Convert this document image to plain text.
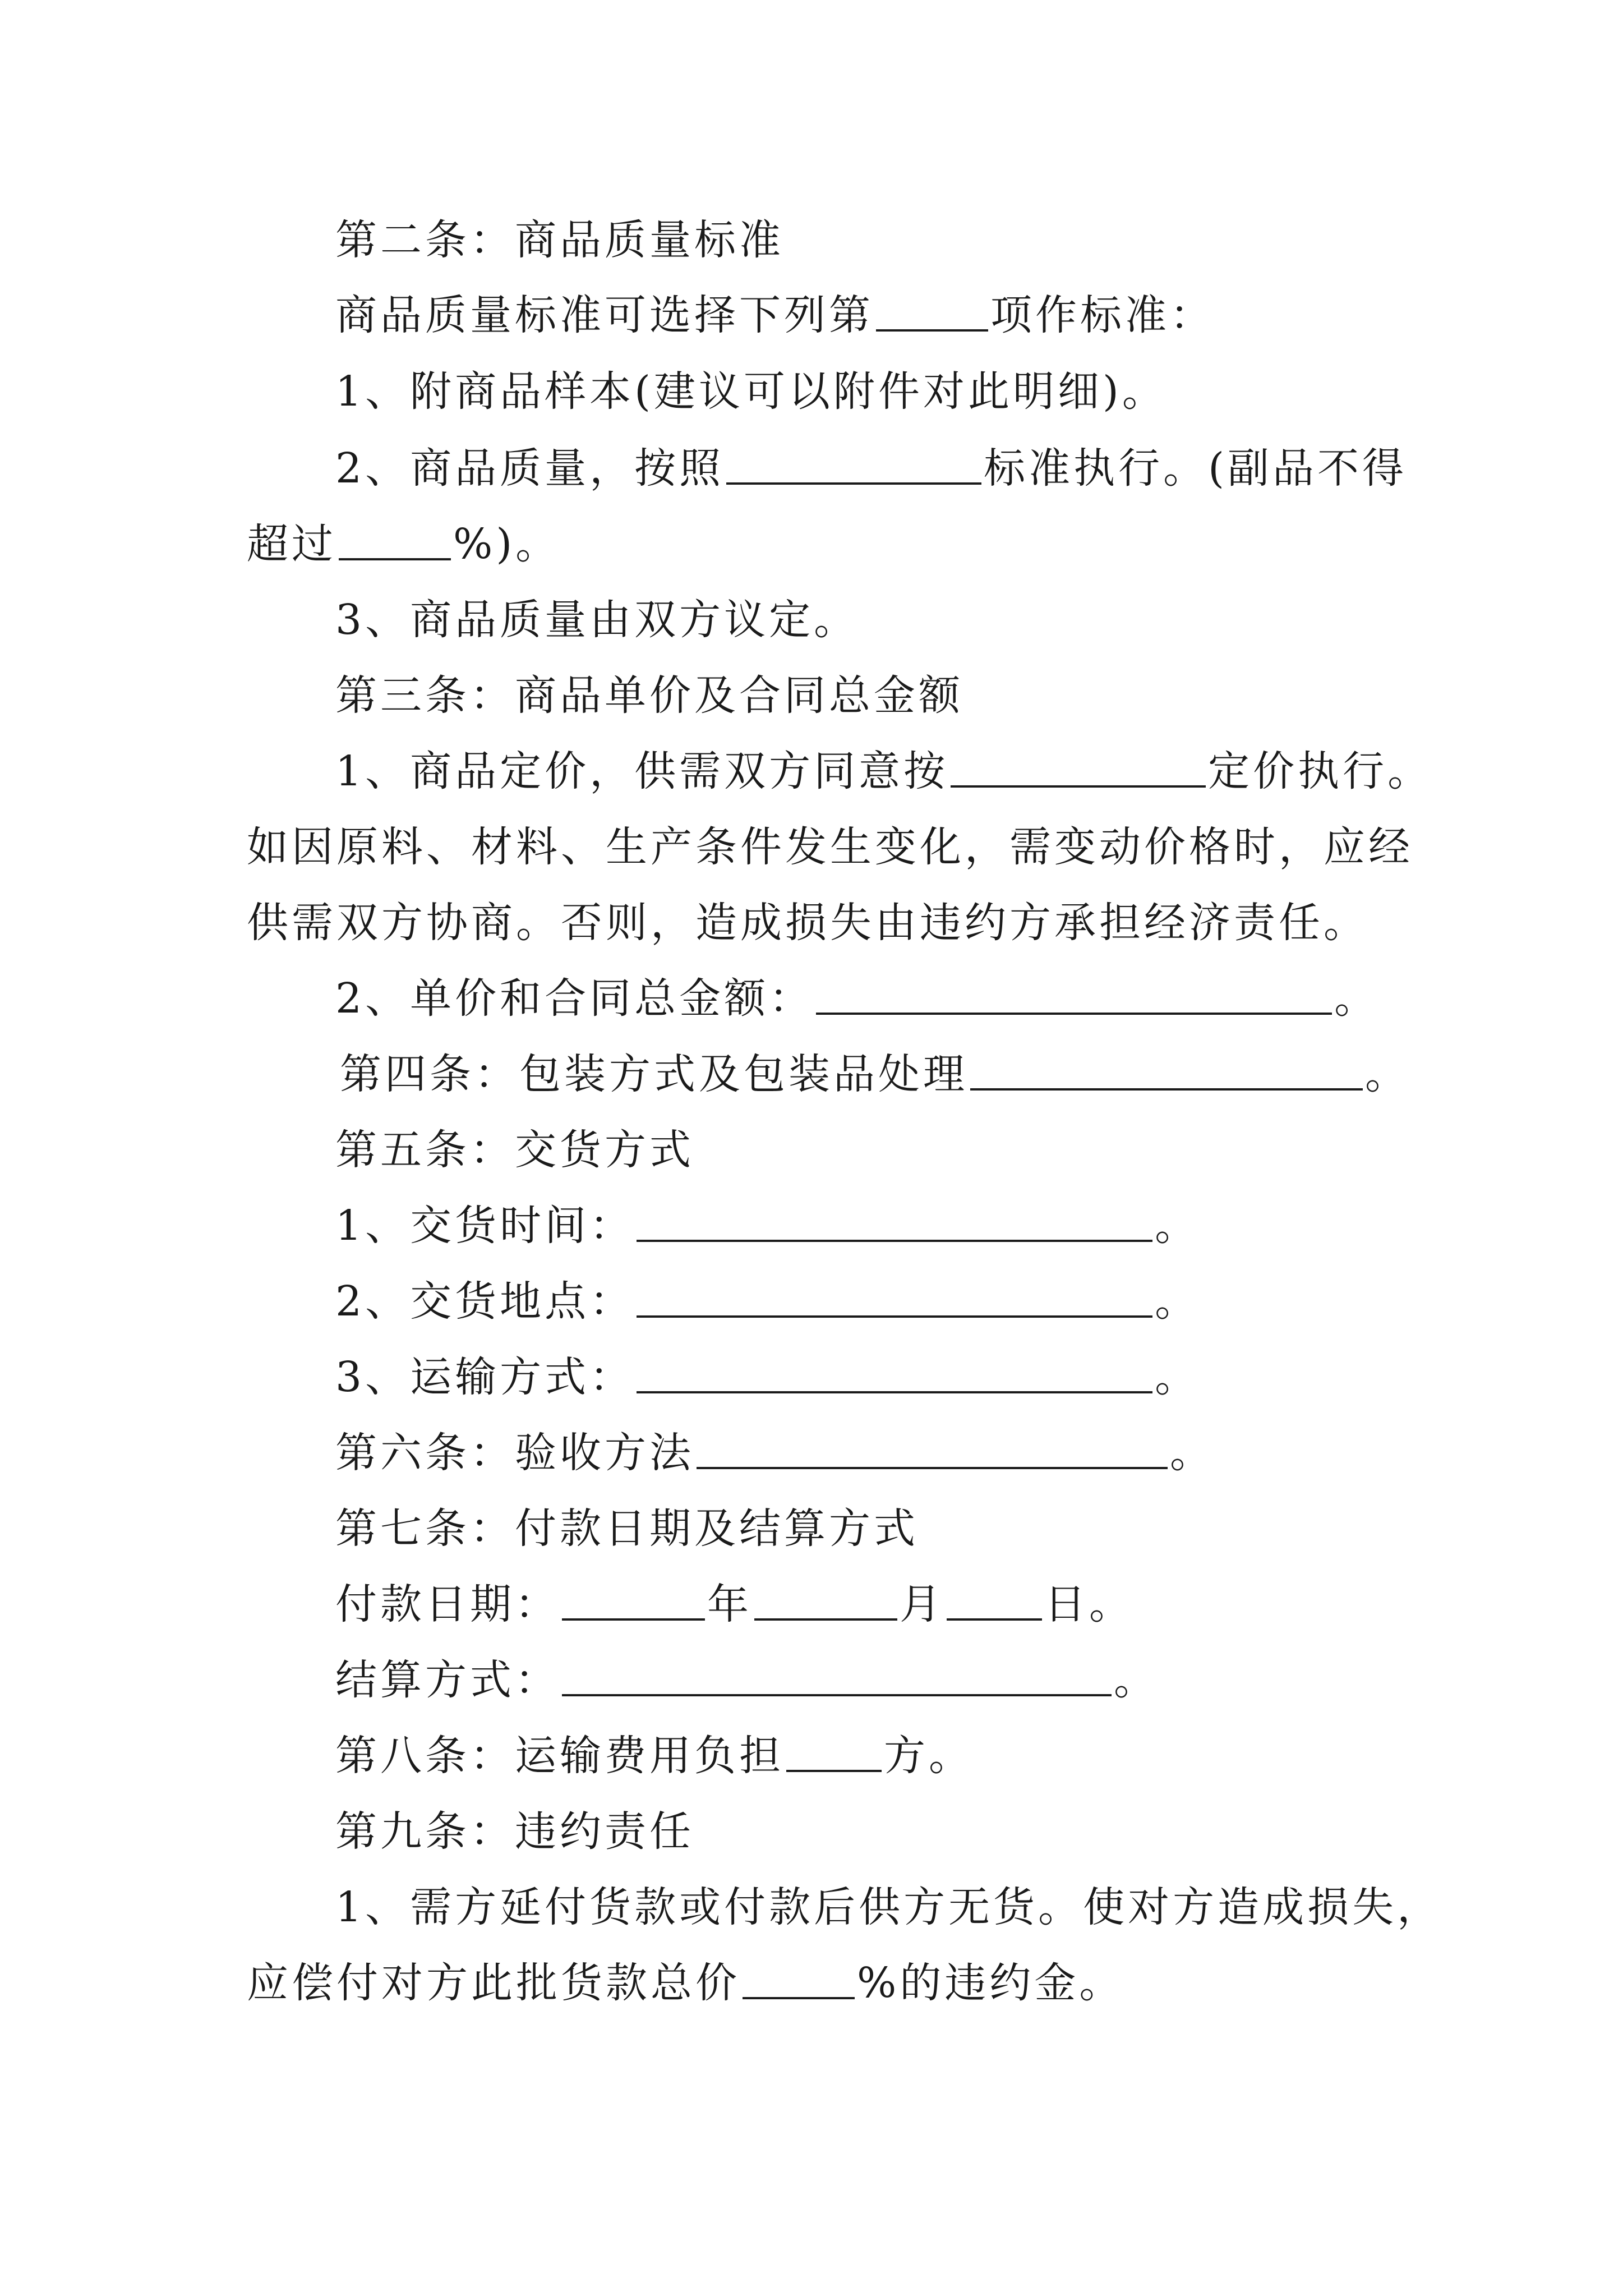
第二条：商品质量标准
商品质量标准可选择下列第	项作标准：
1、附商品样本(建议可以附件对此明细)。
2、商品质量，按照	标准执行。(副品不得
超过	%)。
3、商品质量由双方议定。
第三条：商品单价及合同总金额
1、商品定价，供需双方同意按	定价执行。
如因原料、材料、生产条件发生变化，需变动价格时，应经
供需双方协商。否则，造成损失由违约方承担经济责任。
2、单价和合同总金额：	。
第四条：包装方式及包装品处理	。
第五条：交货方式
1、交货时间：	。
2、交货地点：	。
3、运输方式：	。
第六条：验收方法	。
第七条：付款日期及结算方式
付款日期：	年	月 日。
结算方式：	。
第八条：运输费用负担 方。
第九条：违约责任
1、需方延付货款或付款后供方无货。使对方造成损失，
应偿付对方此批货款总价	%的违约金。
